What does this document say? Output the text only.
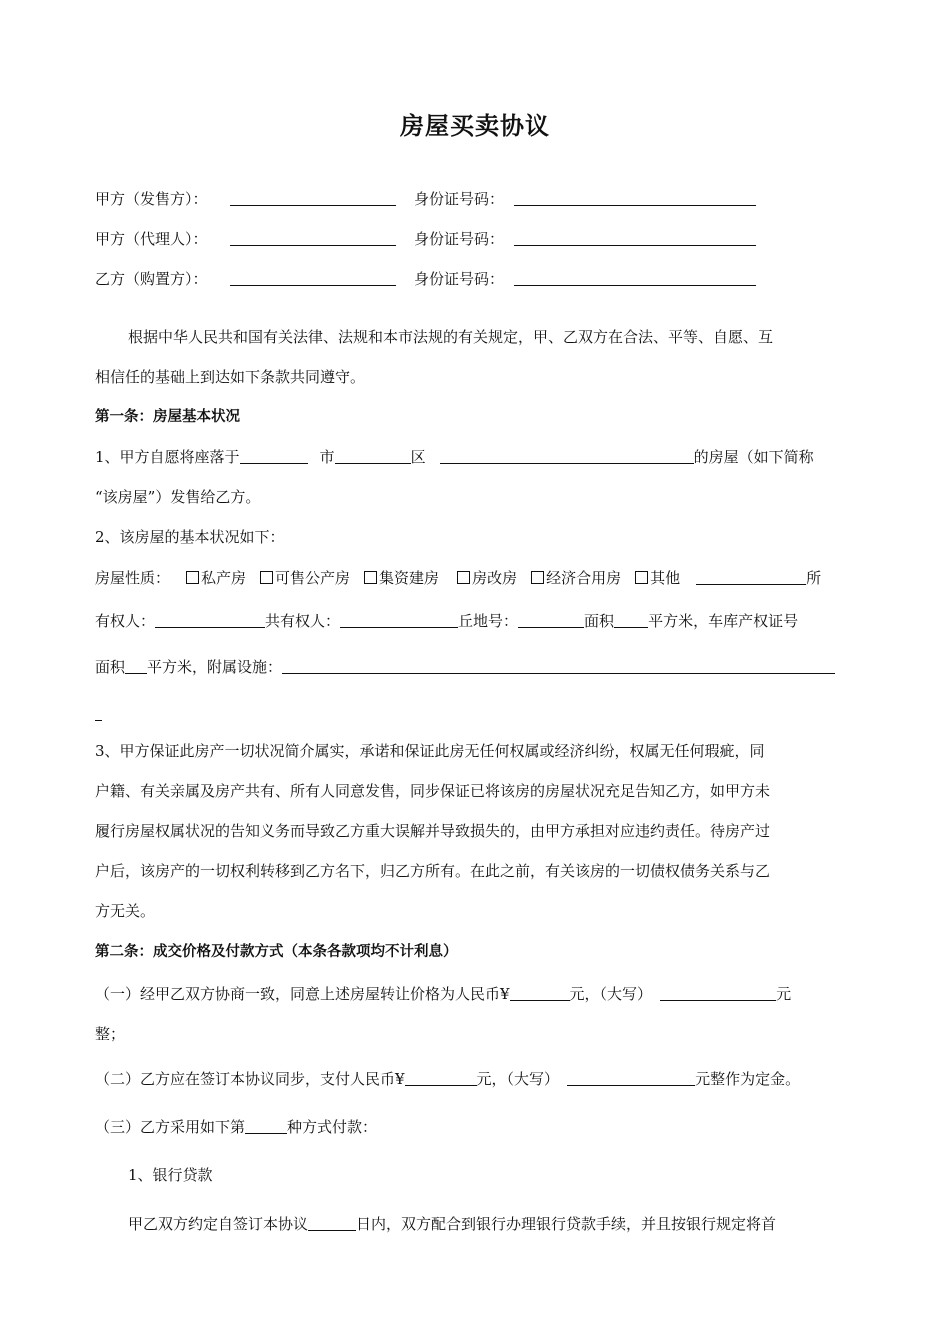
房屋买卖协议
甲方（发售方）：	身份证号码：
甲方（代理人）：	身份证号码：
乙方（购置方）：	身份证号码：
根据中华人民共和国有关法律、法规和本市法规的有关规定，甲、乙双方在合法、平等、自愿、互
相信任的基础上到达如下条款共同遵守。
第一条：房屋基本状况
1、甲方自愿将座落于	市	区	的房屋（如下简称
“该房屋”）发售给乙方。
2、该房屋的基本状况如下：
房屋性质： 私产房 可售公产房 集资建房 房改房 经济合用房 其他	所
有权人：	共有权人：	丘地号：	面积 平方米，车库产权证号
面积 平方米，附属设施：
3、甲方保证此房产一切状况简介属实，承诺和保证此房无任何权属或经济纠纷，权属无任何瑕疵，同
户籍、有关亲属及房产共有、所有人同意发售，同步保证已将该房的房屋状况充足告知乙方，如甲方未
履行房屋权属状况的告知义务而导致乙方重大误解并导致损失的，由甲方承担对应违约责任。待房产过
户后，该房产的一切权利转移到乙方名下，归乙方所有。在此之前，有关该房的一切债权债务关系与乙
方无关。
第二条：成交价格及付款方式（本条各款项均不计利息）
（一）经甲乙双方协商一致，同意上述房屋转让价格为人民币¥	元，（大写）	元
整；
（二）乙方应在签订本协议同步，支付人民币¥	元，（大写）	元整作为定金。
（三）乙方采用如下第	种方式付款：
1、银行贷款
甲乙双方约定自签订本协议	日内，双方配合到银行办理银行贷款手续，并且按银行规定将首
